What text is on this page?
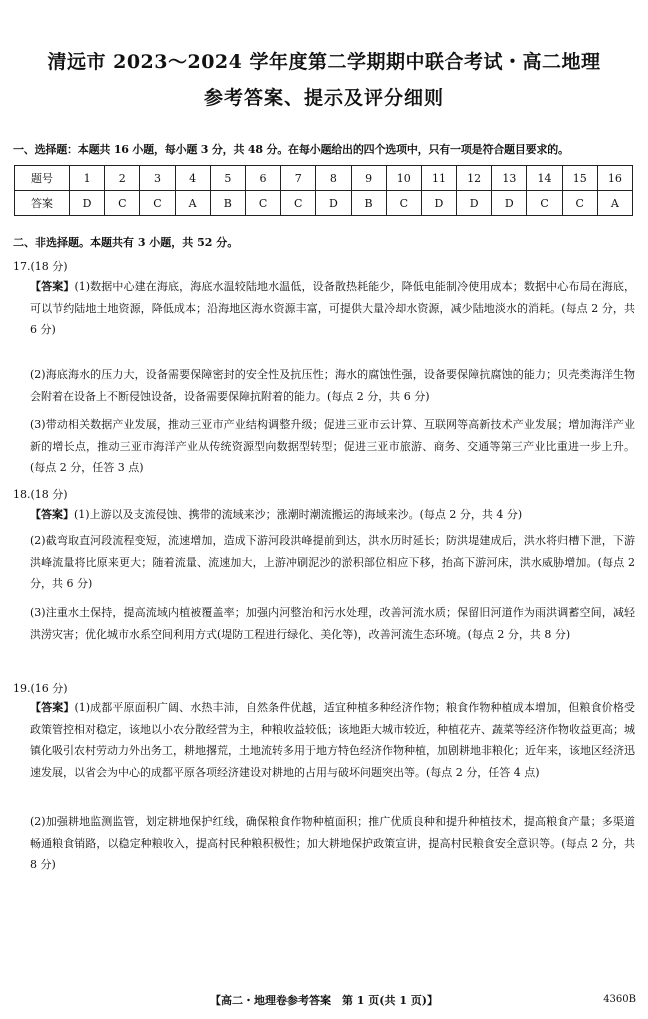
清远市 2023～2024 学年度第二学期期中联合考试・高二地理
参考答案、提示及评分细则
一、选择题：本题共 16 小题，每小题 3 分，共 48 分。在每小题给出的四个选项中，只有一项是符合题目要求的。
题号	1	2	3	4	5	6	7	8	9	10	11	12	13	14	15	16
答案	D	C	C	A	B	C	C	D	B	C	D	D	D	C	C	A
二、非选择题。本题共有 3 小题，共 52 分。
17.(18 分)
【答案】(1)数据中心建在海底，海底水温较陆地水温低，设备散热耗能少，降低电能制冷使用成本；数据中心布局在海底，可以节约陆地土地资源，降低成本；沿海地区海水资源丰富，可提供大量冷却水资源，减少陆地淡水的消耗。(每点 2 分，共 6 分)
(2)海底海水的压力大，设备需要保障密封的安全性及抗压性；海水的腐蚀性强，设备要保障抗腐蚀的能力；贝壳类海洋生物会附着在设备上不断侵蚀设备，设备需要保障抗附着的能力。(每点 2 分，共 6 分)
(3)带动相关数据产业发展，推动三亚市产业结构调整升级；促进三亚市云计算、互联网等高新技术产业发展；增加海洋产业新的增长点，推动三亚市海洋产业从传统资源型向数据型转型；促进三亚市旅游、商务、交通等第三产业比重进一步上升。(每点 2 分，任答 3 点)
18.(18 分)
【答案】(1)上游以及支流侵蚀、携带的流域来沙；涨潮时潮流搬运的海域来沙。(每点 2 分，共 4 分)
(2)截弯取直河段流程变短，流速增加，造成下游河段洪峰提前到达，洪水历时延长；防洪堤建成后，洪水将归槽下泄，下游洪峰流量将比原来更大；随着流量、流速加大，上游冲刷泥沙的淤积部位相应下移，抬高下游河床，洪水威胁增加。(每点 2 分，共 6 分)
(3)注重水土保持，提高流域内植被覆盖率；加强内河整治和污水处理，改善河流水质；保留旧河道作为雨洪调蓄空间，减轻洪涝灾害；优化城市水系空间利用方式(堤防工程进行绿化、美化等)，改善河流生态环境。(每点 2 分，共 8 分)
19.(16 分)
【答案】(1)成都平原面积广阔、水热丰沛，自然条件优越，适宜种植多种经济作物；粮食作物种植成本增加，但粮食价格受政策管控相对稳定，该地以小农分散经营为主，种粮收益较低；该地距大城市较近，种植花卉、蔬菜等经济作物收益更高；城镇化吸引农村劳动力外出务工，耕地撂荒，土地流转多用于地方特色经济作物种植，加剧耕地非粮化；近年来，该地区经济迅速发展，以省会为中心的成都平原各项经济建设对耕地的占用与破坏问题突出等。(每点 2 分，任答 4 点)
(2)加强耕地监测监管，划定耕地保护红线，确保粮食作物种植面积；推广优质良种和提升种植技术，提高粮食产量；多渠道畅通粮食销路，以稳定种粮收入，提高村民种粮积极性；加大耕地保护政策宣讲，提高村民粮食安全意识等。(每点 2 分，共 8 分)
【高二・地理卷参考答案　第 1 页(共 1 页)】	4360B
